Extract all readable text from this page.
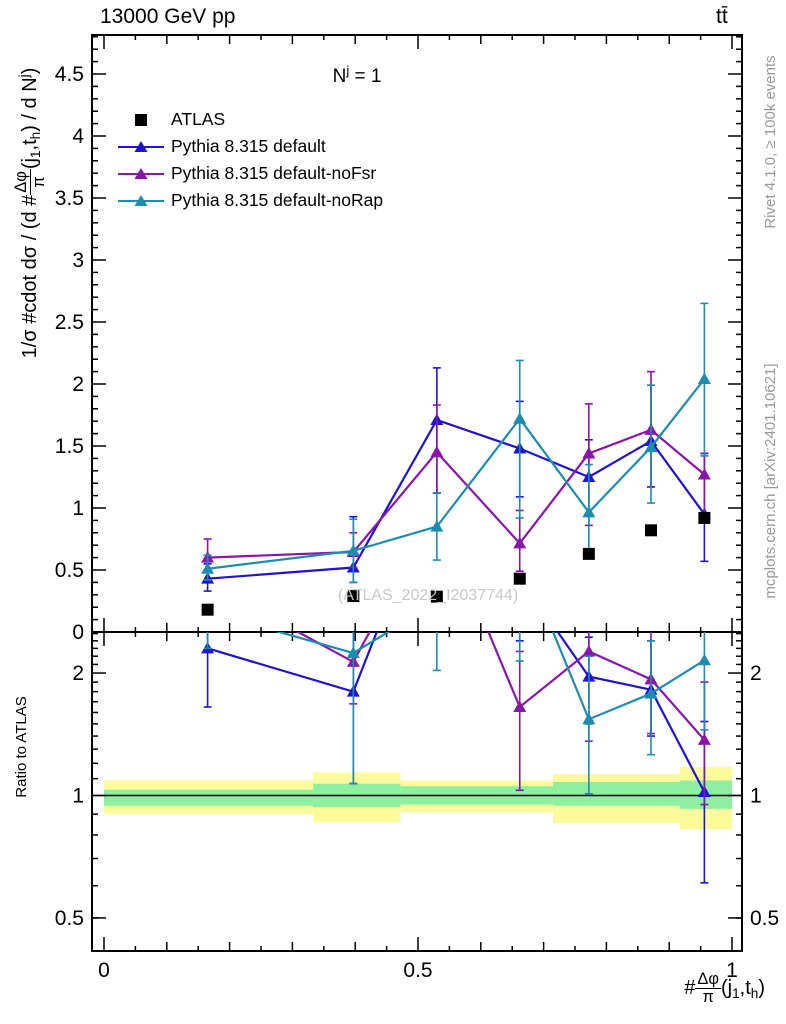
0
0.5
1
1.5
2
2.5
3
3.5
4
4.5
0.5	0.5
1	1
2	2
0	0.5	1
13000 GeV pp	tt̄
$N^j = 1$
ATLAS
Pythia 8.315 default
Pythia 8.315 default-noFsr
Pythia 8.315 default-noRap
1/σ #cdot dσ / (d #
Δφ π
$(j_1,t_h)$ / d $N^j$)
Ratio to ATLAS
Rivet 4.1.0, ≥ 100k events
mcplots.cern.ch [arXiv:2401.10621]
(ATLAS_2022_I2037744)
# $\frac{\Delta\varphi}{\pi} (j_1,t_h)$
